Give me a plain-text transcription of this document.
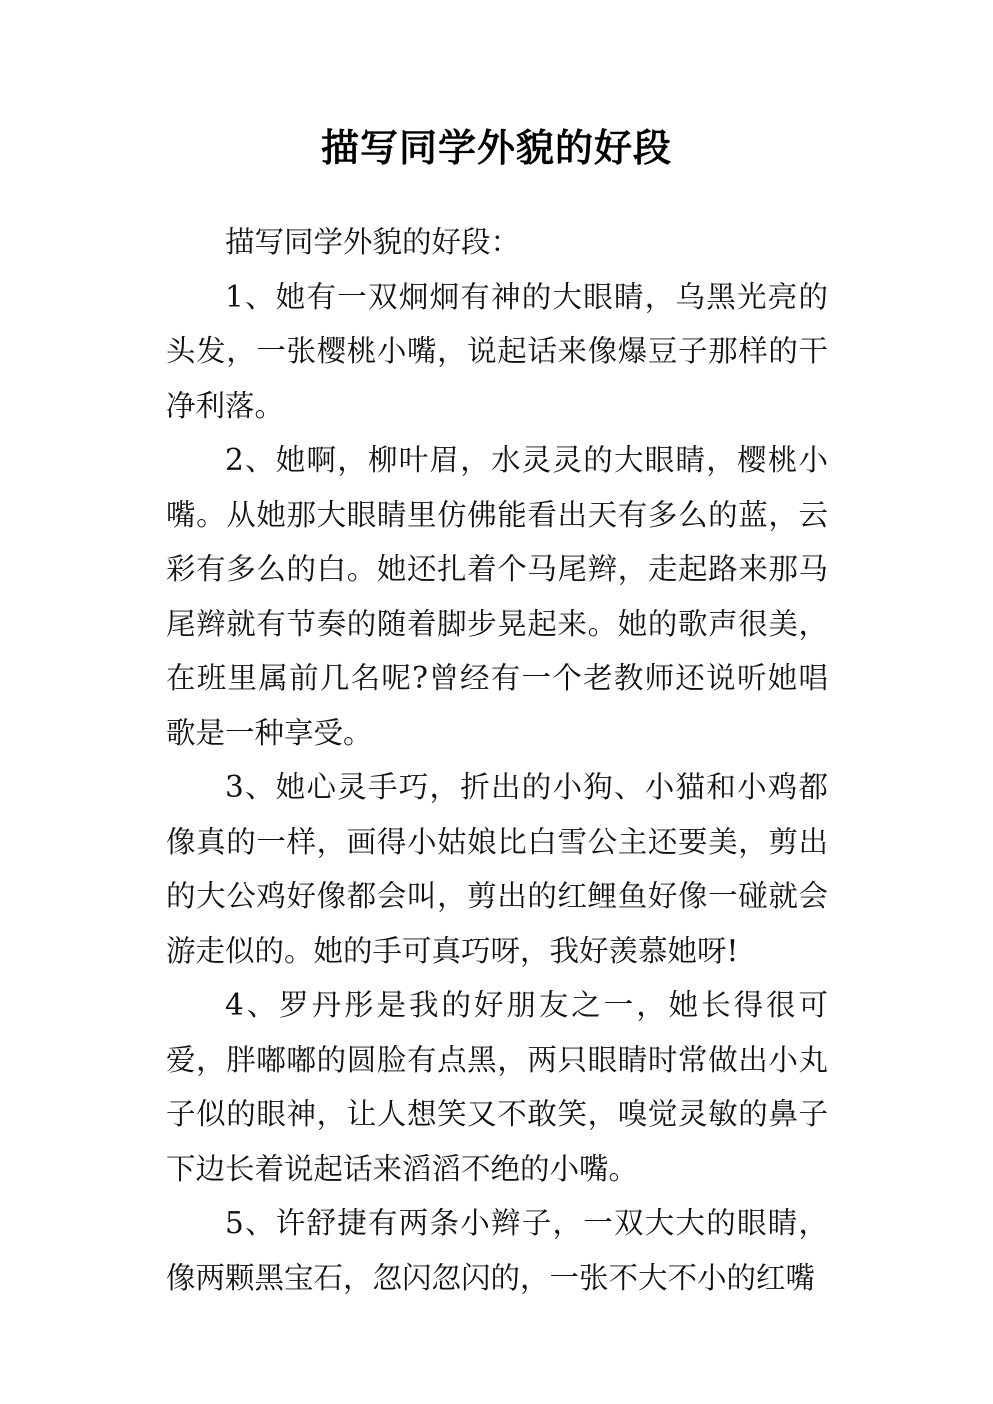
描写同学外貌的好段

描写同学外貌的好段：

1、她有一双炯炯有神的大眼睛，乌黑光亮的头发，一张樱桃小嘴，说起话来像爆豆子那样的干净利落。

2、她啊，柳叶眉，水灵灵的大眼睛，樱桃小嘴。从她那大眼睛里仿佛能看出天有多么的蓝，云彩有多么的白。她还扎着个马尾辫，走起路来那马尾辫就有节奏的随着脚步晃起来。她的歌声很美，在班里属前几名呢?曾经有一个老教师还说听她唱歌是一种享受。

3、她心灵手巧，折出的小狗、小猫和小鸡都像真的一样，画得小姑娘比白雪公主还要美，剪出的大公鸡好像都会叫，剪出的红鲤鱼好像一碰就会游走似的。她的手可真巧呀，我好羡慕她呀!

4、罗丹彤是我的好朋友之一，她长得很可爱，胖嘟嘟的圆脸有点黑，两只眼睛时常做出小丸子似的眼神，让人想笑又不敢笑，嗅觉灵敏的鼻子下边长着说起话来滔滔不绝的小嘴。

5、许舒捷有两条小辫子，一双大大的眼睛，像两颗黑宝石，忽闪忽闪的，一张不大不小的红嘴
